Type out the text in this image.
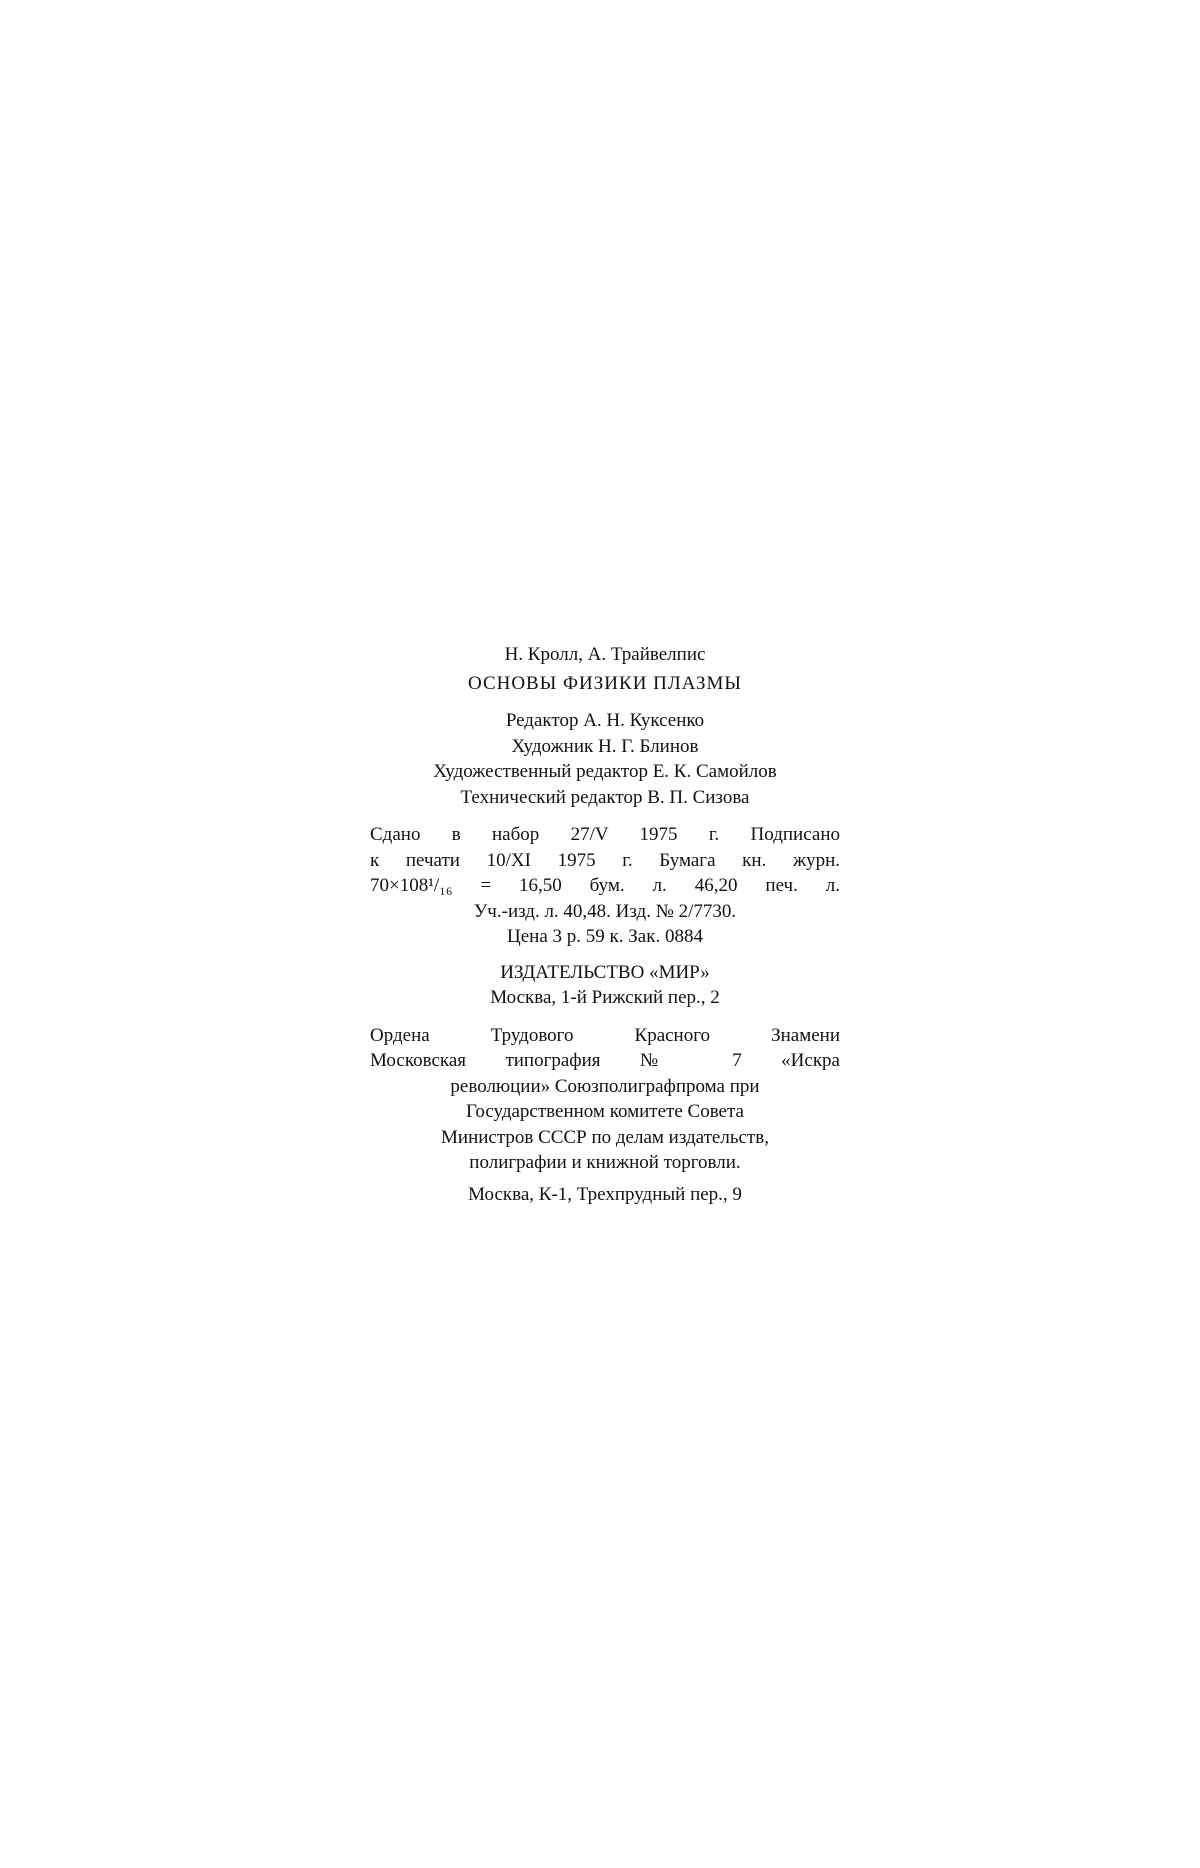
Н. Кролл, А. Трайвелпис
ОСНОВЫ ФИЗИКИ ПЛАЗМЫ
Редактор А. Н. Куксенко
Художник Н. Г. Блинов
Художественный редактор Е. К. Самойлов
Технический редактор В. П. Сизова
Сдано в набор 27/V 1975 г. Подписано
к печати 10/XI 1975 г. Бумага кн. журн.
70×108¹/₁₆ = 16,50 бум. л. 46,20 печ. л.
Уч.-изд. л. 40,48. Изд. № 2/7730.
Цена 3 р. 59 к. Зак. 0884
ИЗДАТЕЛЬСТВО «МИР»
Москва, 1-й Рижский пер., 2
Ордена Трудового Красного Знамени
Московская типография № 7 «Искра
революции» Союзполиграфпрома при
Государственном комитете Совета
Министров СССР по делам издательств,
полиграфии и книжной торговли.
Москва, К-1, Трехпрудный пер., 9
